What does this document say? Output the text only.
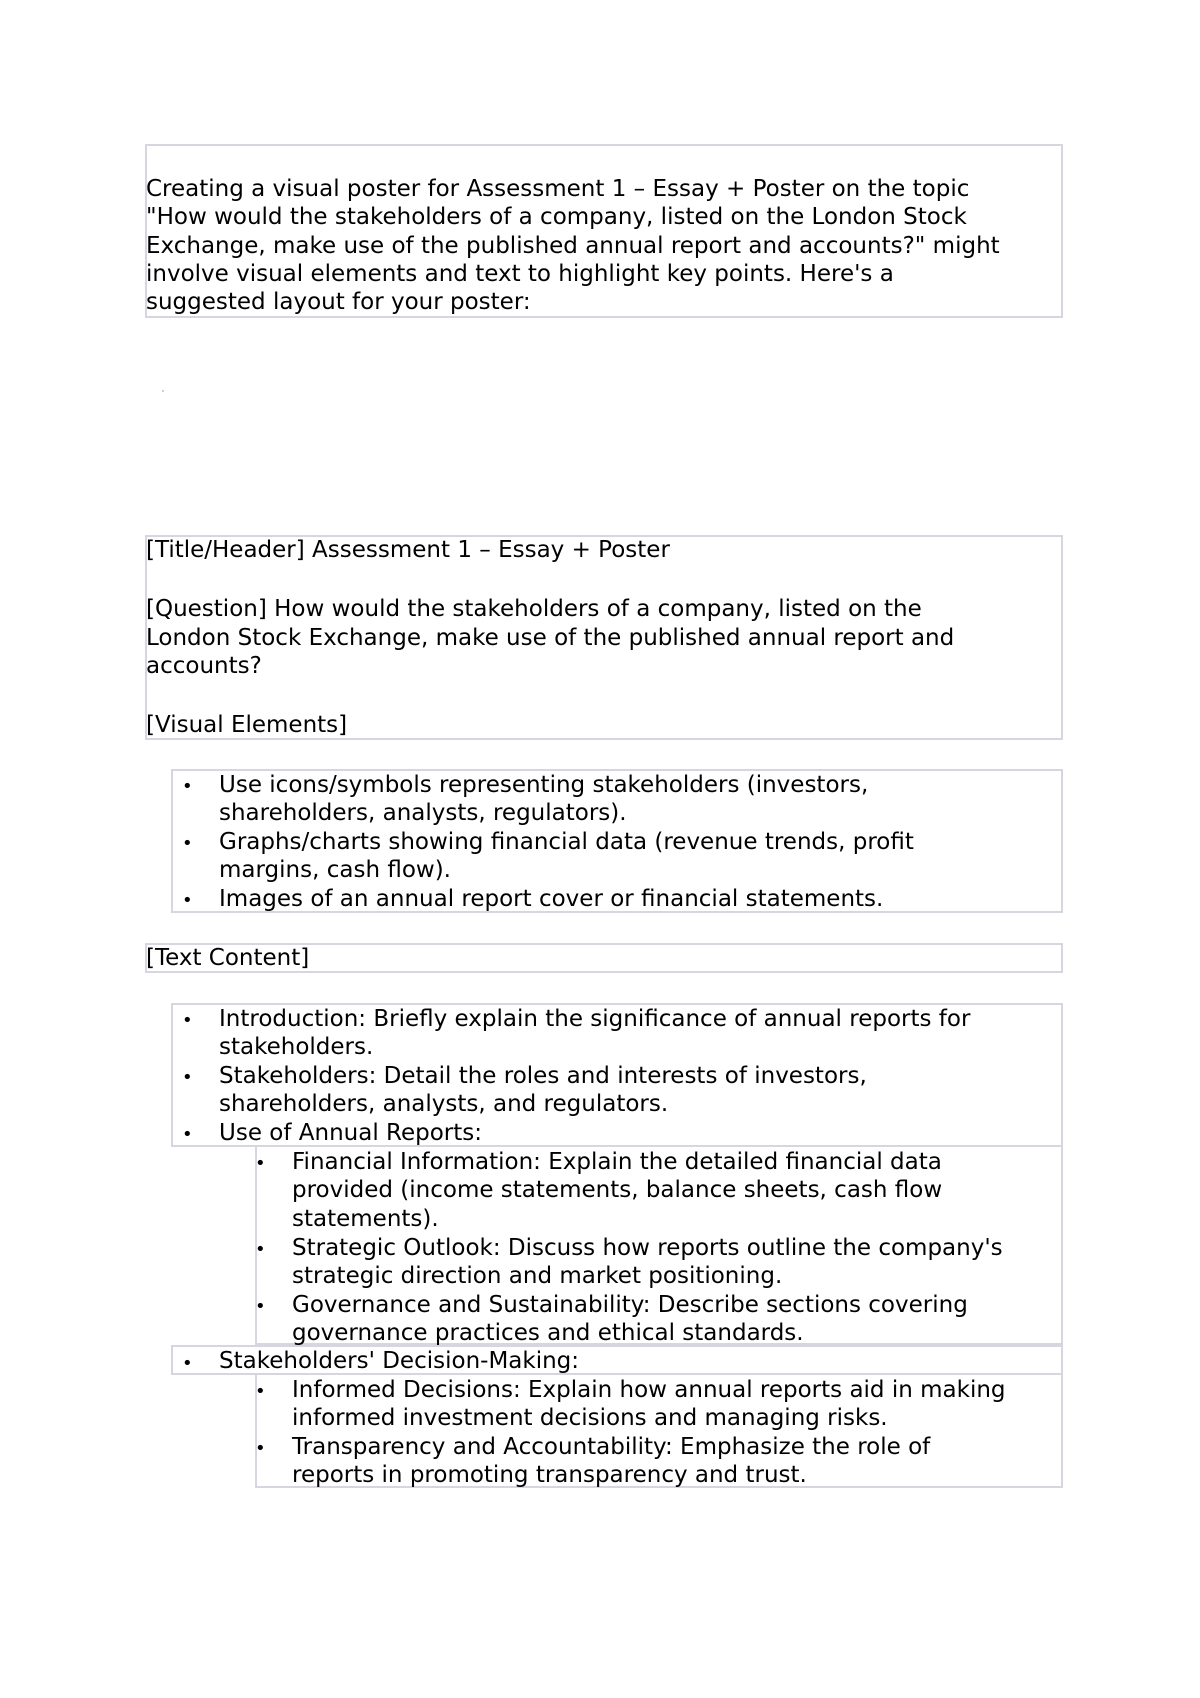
Creating a visual poster for Assessment 1 – Essay + Poster on the topic
"How would the stakeholders of a company, listed on the London Stock
Exchange, make use of the published annual report and accounts?" might
involve visual elements and text to highlight key points. Here's a
suggested layout for your poster:
[Title/Header] Assessment 1 – Essay + Poster
[Question] How would the stakeholders of a company, listed on the
London Stock Exchange, make use of the published annual report and
accounts?
[Visual Elements]
• Use icons/symbols representing stakeholders (investors,
shareholders, analysts, regulators).
• Graphs/charts showing financial data (revenue trends, profit
margins, cash flow).
• Images of an annual report cover or financial statements.
[Text Content]
• Introduction: Briefly explain the significance of annual reports for
stakeholders.
• Stakeholders: Detail the roles and interests of investors,
shareholders, analysts, and regulators.
• Use of Annual Reports:
• Financial Information: Explain the detailed financial data
provided (income statements, balance sheets, cash flow
statements).
• Strategic Outlook: Discuss how reports outline the company's
strategic direction and market positioning.
• Governance and Sustainability: Describe sections covering
governance practices and ethical standards.
• Stakeholders' Decision-Making:
• Informed Decisions: Explain how annual reports aid in making
informed investment decisions and managing risks.
• Transparency and Accountability: Emphasize the role of
reports in promoting transparency and trust.
